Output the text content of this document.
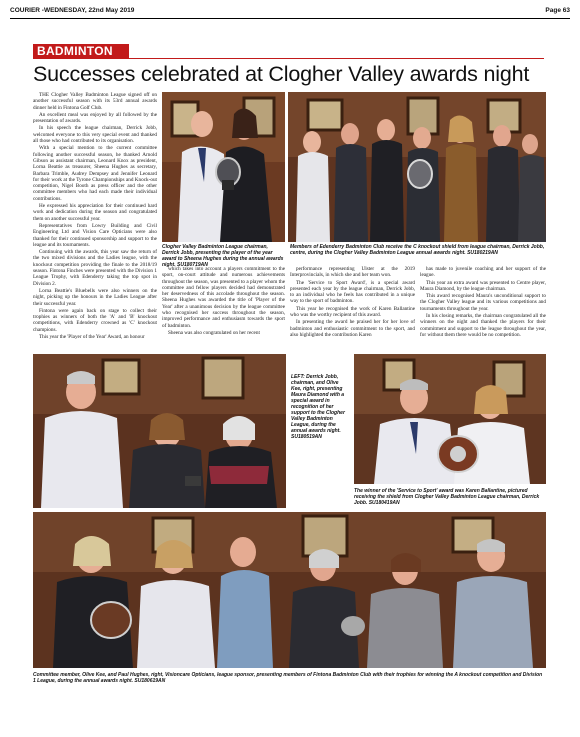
COURIER -WEDNESDAY, 22nd May 2019	Page 63
BADMINTON
Successes celebrated at Clogher Valley awards night

THE Clogher Valley Badminton League signed off on another successful season with its 53rd annual awards dinner held in Fintona Golf Club.

An excellent meal was enjoyed by all followed by the presentation of awards.

In his speech the league chairman, Derrick Jobb, welcomed everyone to this very special event and thanked all those who had contributed to its organisation.

With a special mention to the current committee following another successful season, he thanked Arnold Gibson as assistant chairman, Leonard Knox as president, Lorna Beattie as treasurer, Sheena Hughes as secretary, Barbara Trimble, Audrey Dempsey and Jennifer Leonard for their work at the Tyrone Championships and Knock-out competition, Nigel Booth as press officer and the other committee members who had each made their individual contributions.

He expressed his appreciation for their continued hard work and dedication during the season and congratulated them on another successful year.

Representatives from Lowry Building and Civil Engineering Ltd and Vision Care Opticians were also thanked for their continued sponsorship and support to the league and its tournaments.

Continuing with the awards, this year saw the return of the two mixed divisions and the Ladies league, with the knockout competition providing the finale to the 2018/19 season. Fintona Finches were presented with the Division 1 League Trophy, with Edenderry taking the top spot in Division 2.

Lorna Beattie's Bluebells were also winners on the night, picking up the honours in the Ladies League after their successful year.

Fintona were again back on stage to collect their trophies as winners of both the 'A' and 'B' knockout competitions, with Edenderry crowned as 'C' knockout champions.

This year the 'Player of the Year' Award, an honour

Clogher Valley Badminton League chairman, Derrick Jobb, presenting the player of the year award to Sheena Hughes during the annual awards night. SU180719AN
Members of Edenderry Badminton Club receive the C knockout shield from league chairman, Derrick Jobb, centre, during the Clogher Valley Badminton League annual awards night. SU180219AN

which takes into account a players commitment to the sport, on-court attitude and numerous achievements throughout the season, was presented to a player whom the committee and fellow players decided had demonstrated her deservedness of this accolade throughout the season. Sheena Hughes was awarded the title of 'Player of the Year' after a unanimous decision by the league committee who recognised her success throughout the season, improved performance and enthusiasm towards the sport of badminton.

Sheena was also congratulated on her recent

performance representing Ulster at the 2019 Interprovincials, in which she and her team won.

The 'Service to Sport Award', is a special award presented each year by the league chairman, Derrick Jobb, to an individual who he feels has contributed in a unique way to the sport of badminton.

This year he recognised the work of Karen Ballantine who was the worthy recipient of this award.

In presenting the award he praised her for her love of badminton and enthusiastic commitment to the sport, and also highlighted the contribution Karen

has made to juvenile coaching and her support of the league.

This year an extra award was presented to Centre player, Maura Diamond, by the league chairman.

This award recognised Maura's unconditional support to the Clogher Valley league and its various competitions and tournaments throughout the year.

In his closing remarks, the chairman congratulated all the winners on the night and thanked the players for their commitment and support to the league throughout the year, for without them there would be no competition.

LEFT: Derrick Jobb, chairman, and Olive Kee, right, presenting Maura Diamond with a special award in recognition of her support to the Clogher Valley Badminton League, during the annual awards night. SU180519AN
The winner of the 'Service to Sport' award was Karen Ballantine, pictured receiving the shield from Clogher Valley Badminton League chairman, Derrick Jobb. SU180419AN
Committee member, Olive Kee, and Paul Hughes, right, Visioncare Opticians, league sponsor, presenting members of Fintona Badminton Club with their trophies for winning the A knockout competition and Division 1 League, during the annual awards night. SU180619AN
